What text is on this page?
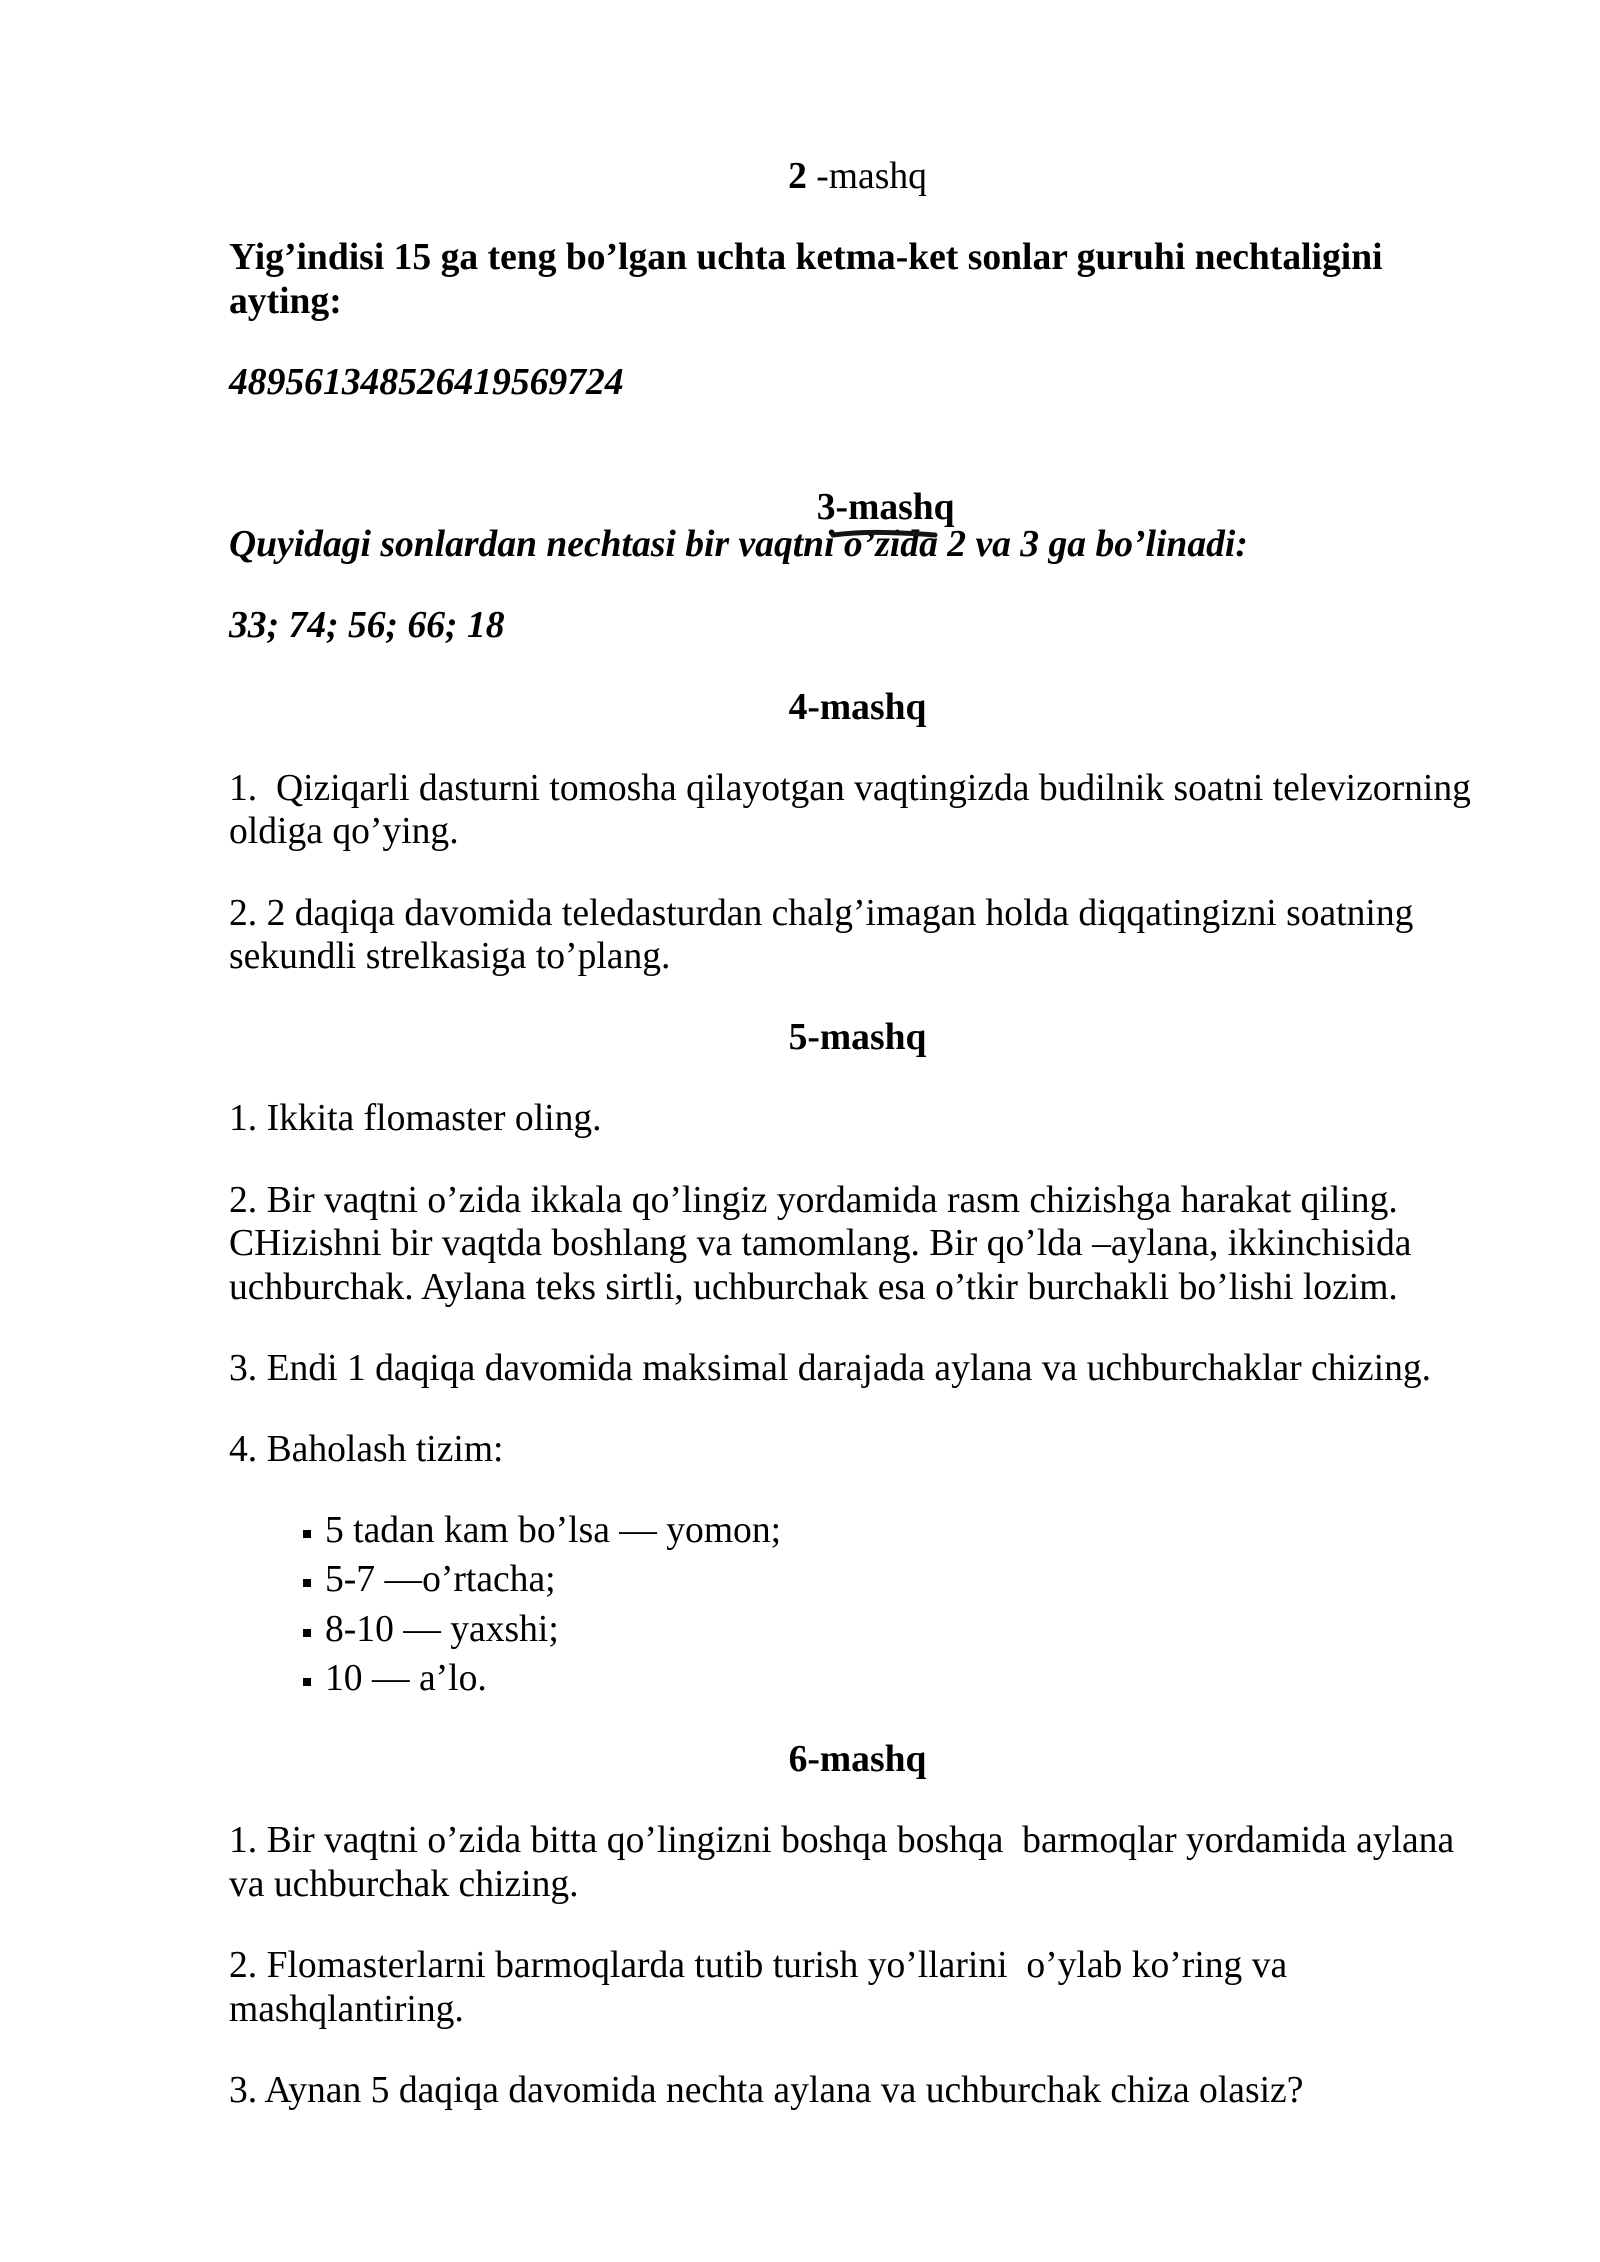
2 -mashq
Yig’indisi 15 ga teng bo’lgan uchta ketma-ket sonlar guruhi nechtaligini
ayting:
489561348526419569724

3-mashq

Quyidagi sonlardan nechtasi bir vaqtni o’zida 2 va 3 ga bo’linadi:
33; 74; 56; 66; 18
4-mashq
1.  Qiziqarli dasturni tomosha qilayotgan vaqtingizda budilnik soatni televizorning
oldiga qo’ying.
2. 2 daqiqa davomida teledasturdan chalg’imagan holda diqqatingizni soatning
sekundli strelkasiga to’plang.
5-mashq
1. Ikkita flomaster oling.
2. Bir vaqtni o’zida ikkala qo’lingiz yordamida rasm chizishga harakat qiling.
CHizishni bir vaqtda boshlang va tamomlang. Bir qo’lda –aylana, ikkinchisida
uchburchak. Aylana teks sirtli, uchburchak esa o’tkir burchakli bo’lishi lozim.
3. Endi 1 daqiqa davomida maksimal darajada aylana va uchburchaklar chizing.
4. Baholash tizim:
5 tadan kam bo’lsa — yomon;
5-7 —o’rtacha;
8-10 — yaxshi;
10 — a’lo.
6-mashq
1. Bir vaqtni o’zida bitta qo’lingizni boshqa boshqa  barmoqlar yordamida aylana
va uchburchak chizing.
2. Flomasterlarni barmoqlarda tutib turish yo’llarini  o’ylab ko’ring va
mashqlantiring.
3. Aynan 5 daqiqa davomida nechta aylana va uchburchak chiza olasiz?
